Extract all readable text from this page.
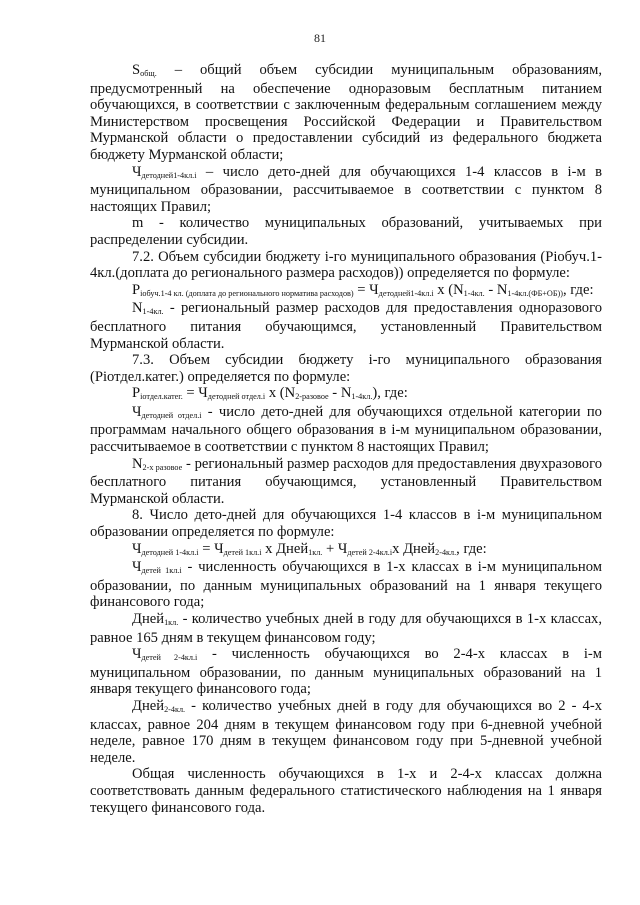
81

Sобщ. – общий объем субсидии муниципальным образованиям, предусмотренный на обеспечение одноразовым бесплатным питанием обучающихся, в соответствии с заключенным федеральным соглашением между Министерством просвещения Российской Федерации и Правительством Мурманской области о предоставлении субсидий из федерального бюджета бюджету Мурманской области;

Чдетодней1-4кл.i – число дето-дней для обучающихся 1-4 классов в i-м в муниципальном образовании, рассчитываемое в соответствии с пунктом 8 настоящих Правил;

m - количество муниципальных образований, учитываемых при распределении субсидии.

7.2. Объем субсидии бюджету i-го муниципального образования (Piобуч.1-4кл.(доплата до регионального размера расходов)) определяется по формуле:

Piобуч.1-4 кл. (доплата до регионального норматива расходов) = Чдетодней1-4кл.i x (N1-4кл. - N1-4кл.(ФБ+ОБ)), где:

N1-4кл. - региональный размер расходов для предоставления одноразового бесплатного питания обучающимся, установленный Правительством Мурманской области.

7.3. Объем субсидии бюджету i-го муниципального образования (Piотдел.катег.) определяется по формуле:

Piотдел.катег. = Чдетодней отдел.i x (N2-разовое - N1-4кл.), где:

Чдетодней отдел.i - число дето-дней для обучающихся отдельной категории по программам начального общего образования в i-м муниципальном образовании, рассчитываемое в соответствии с пунктом 8 настоящих Правил;

N2-х разовое - региональный размер расходов для предоставления двухразового бесплатного питания обучающимся, установленный Правительством Мурманской области.

8. Число дето-дней для обучающихся 1-4 классов в i-м муниципальном образовании определяется по формуле:

Чдетодней 1-4кл.i = Чдетей 1кл.i x Дней1кл. + Чдетей 2-4кл.ix Дней2-4кл., где:

Чдетей 1кл.i - численность обучающихся в 1-х классах в i-м муниципальном образовании, по данным муниципальных образований на 1 января текущего финансового года;

Дней1кл. - количество учебных дней в году для обучающихся в 1-х классах, равное 165 дням в текущем финансовом году;

Чдетей 2-4кл.i - численность обучающихся во 2-4-х классах в i-м муниципальном образовании, по данным муниципальных образований на 1 января текущего финансового года;

Дней2-4кл. - количество учебных дней в году для обучающихся во 2 - 4-х классах, равное 204 дням в текущем финансовом году при 6-дневной учебной неделе, равное 170 дням в текущем финансовом году при 5-дневной учебной неделе.

Общая численность обучающихся в 1-х и 2-4-х классах должна соответствовать данным федерального статистического наблюдения на 1 января текущего финансового года.
